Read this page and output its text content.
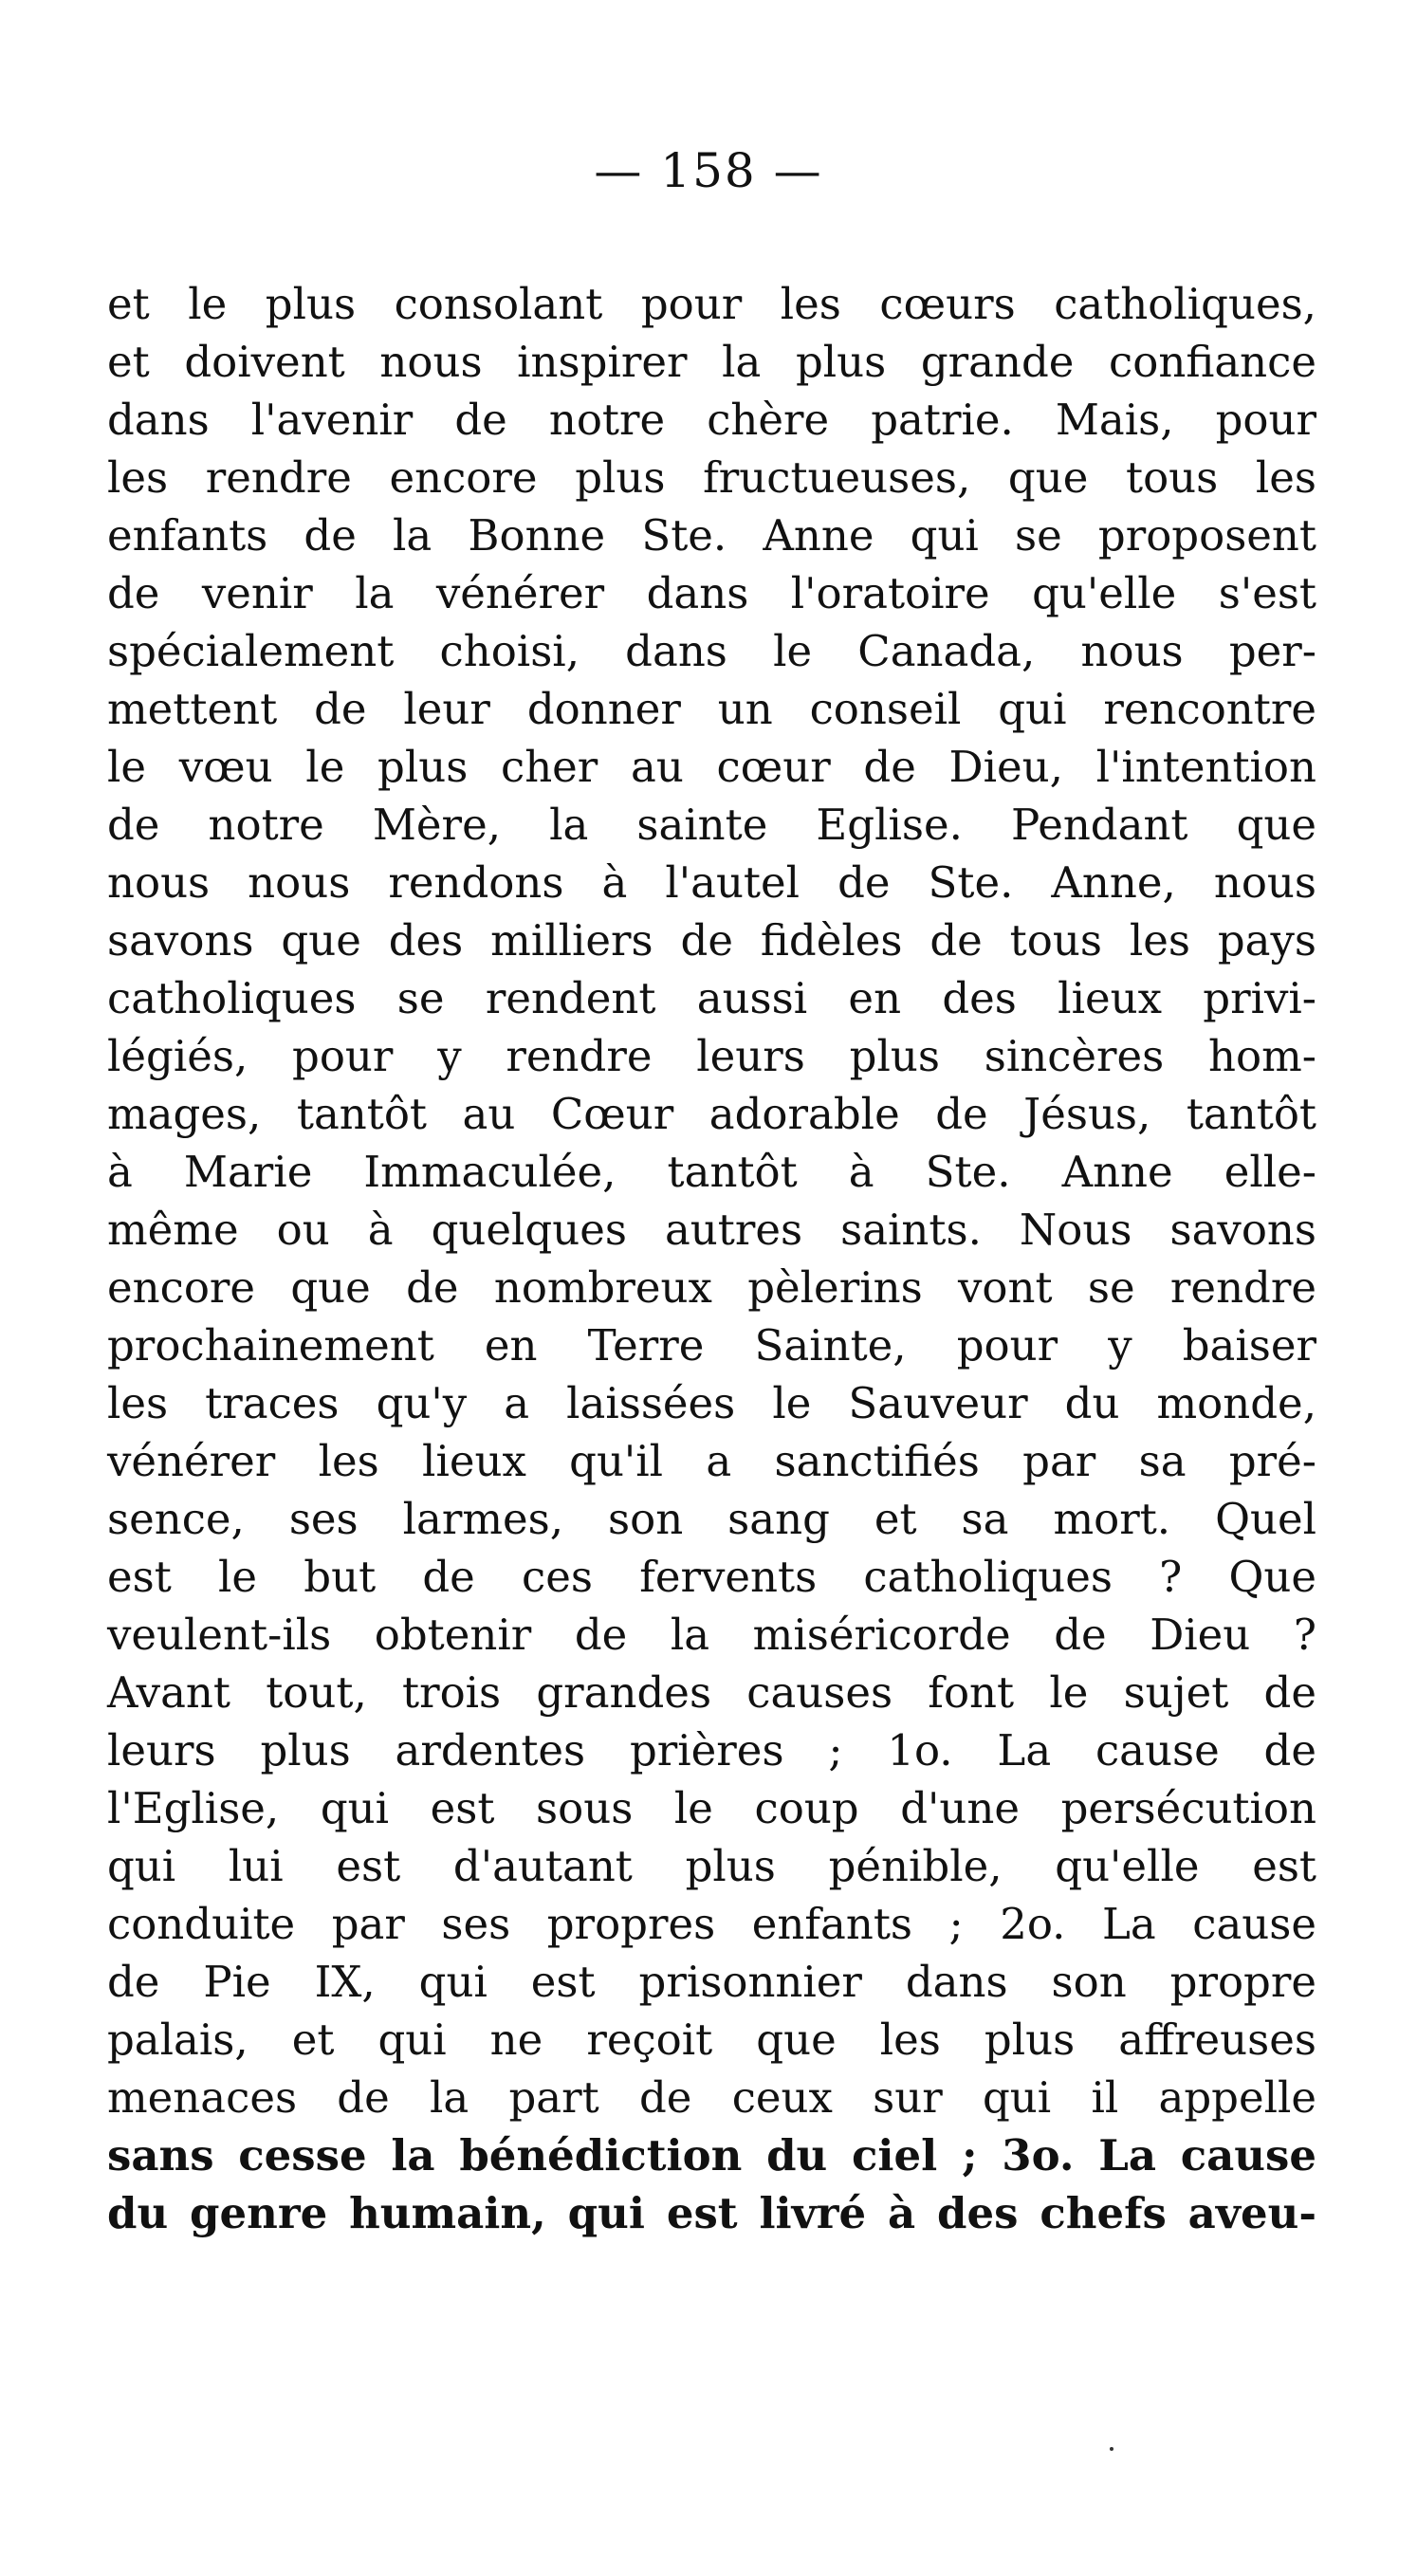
— 158 —
et le plus consolant pour les cœurs catholiques,
et doivent nous inspirer la plus grande confiance
dans l'avenir de notre chère patrie. Mais, pour
les rendre encore plus fructueuses, que tous les
enfants de la Bonne Ste. Anne qui se proposent
de venir la vénérer dans l'oratoire qu'elle s'est
spécialement choisi, dans le Canada, nous per-
mettent de leur donner un conseil qui rencontre
le vœu le plus cher au cœur de Dieu, l'intention
de notre Mère, la sainte Eglise. Pendant que
nous nous rendons à l'autel de Ste. Anne, nous
savons que des milliers de fidèles de tous les pays
catholiques se rendent aussi en des lieux privi-
légiés, pour y rendre leurs plus sincères hom-
mages, tantôt au Cœur adorable de Jésus, tantôt
à Marie Immaculée, tantôt à Ste. Anne elle-
même ou à quelques autres saints. Nous savons
encore que de nombreux pèlerins vont se rendre
prochainement en Terre Sainte, pour y baiser
les traces qu'y a laissées le Sauveur du monde,
vénérer les lieux qu'il a sanctifiés par sa pré-
sence, ses larmes, son sang et sa mort. Quel
est le but de ces fervents catholiques ? Que
veulent-ils obtenir de la miséricorde de Dieu ?
Avant tout, trois grandes causes font le sujet de
leurs plus ardentes prières ; 1o. La cause de
l'Eglise, qui est sous le coup d'une persécution
qui lui est d'autant plus pénible, qu'elle est
conduite par ses propres enfants ; 2o. La cause
de Pie IX, qui est prisonnier dans son propre
palais, et qui ne reçoit que les plus affreuses
menaces de la part de ceux sur qui il appelle
sans cesse la bénédiction du ciel ; 3o. La cause
du genre humain, qui est livré à des chefs aveu-
